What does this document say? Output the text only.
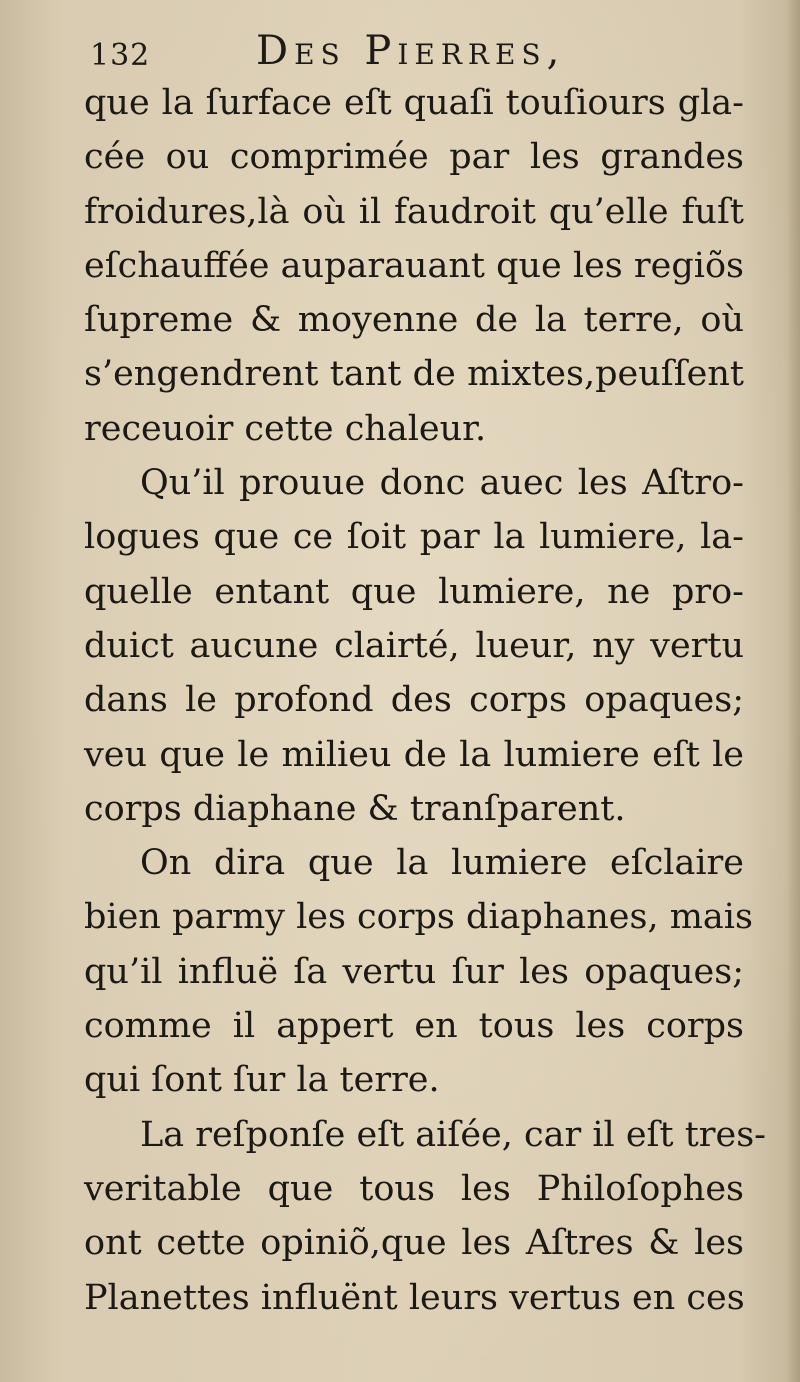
132	Des Pierres,
que la ſurface eſt quaſi touſiours gla-
cée ou comprimée par les grandes
froidures,là où il faudroit qu’elle fuſt
eſchauffée auparauant que les regiõs
ſupreme & moyenne de la terre, où
s’engendrent tant de mixtes,peuſſent
receuoir cette chaleur.
Qu’il prouue donc auec les Aſtro-
logues que ce ſoit par la lumiere, la-
quelle entant que lumiere, ne pro-
duict aucune clairté, lueur, ny vertu
dans le profond des corps opaques;
veu que le milieu de la lumiere eſt le
corps diaphane & tranſparent.
On dira que la lumiere eſclaire
bien parmy les corps diaphanes, mais
qu’il influë ſa vertu ſur les opaques;
comme il appert en tous les corps
qui ſont ſur la terre.
La reſponſe eſt aiſée, car il eſt tres-
veritable que tous les Philoſophes
ont cette opiniõ,que les Aſtres & les
Planettes influënt leurs vertus en ces
